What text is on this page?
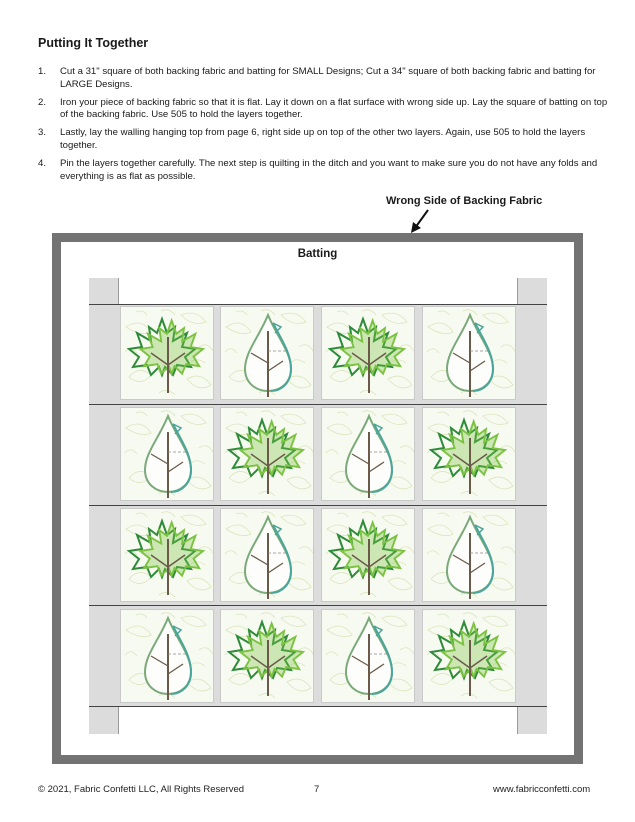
Putting It Together
1. Cut a 31" square of both backing fabric and batting for SMALL Designs; Cut a 34" square of both backing fabric and batting for LARGE Designs.
2. Iron your piece of backing fabric so that it is flat. Lay it down on a flat surface with wrong side up. Lay the square of batting on top of the backing fabric. Use 505 to hold the layers together.
3. Lastly, lay the walling hanging top from page 6, right side up on top of the other two layers. Again, use 505 to hold the layers together.
4. Pin the layers together carefully. The next step is quilting in the ditch and you want to make sure you do not have any folds and everything is as flat as possible.
Wrong Side of Backing Fabric
Batting
© 2021, Fabric Confetti LLC, All Rights Reserved	7	www.fabricconfetti.com
